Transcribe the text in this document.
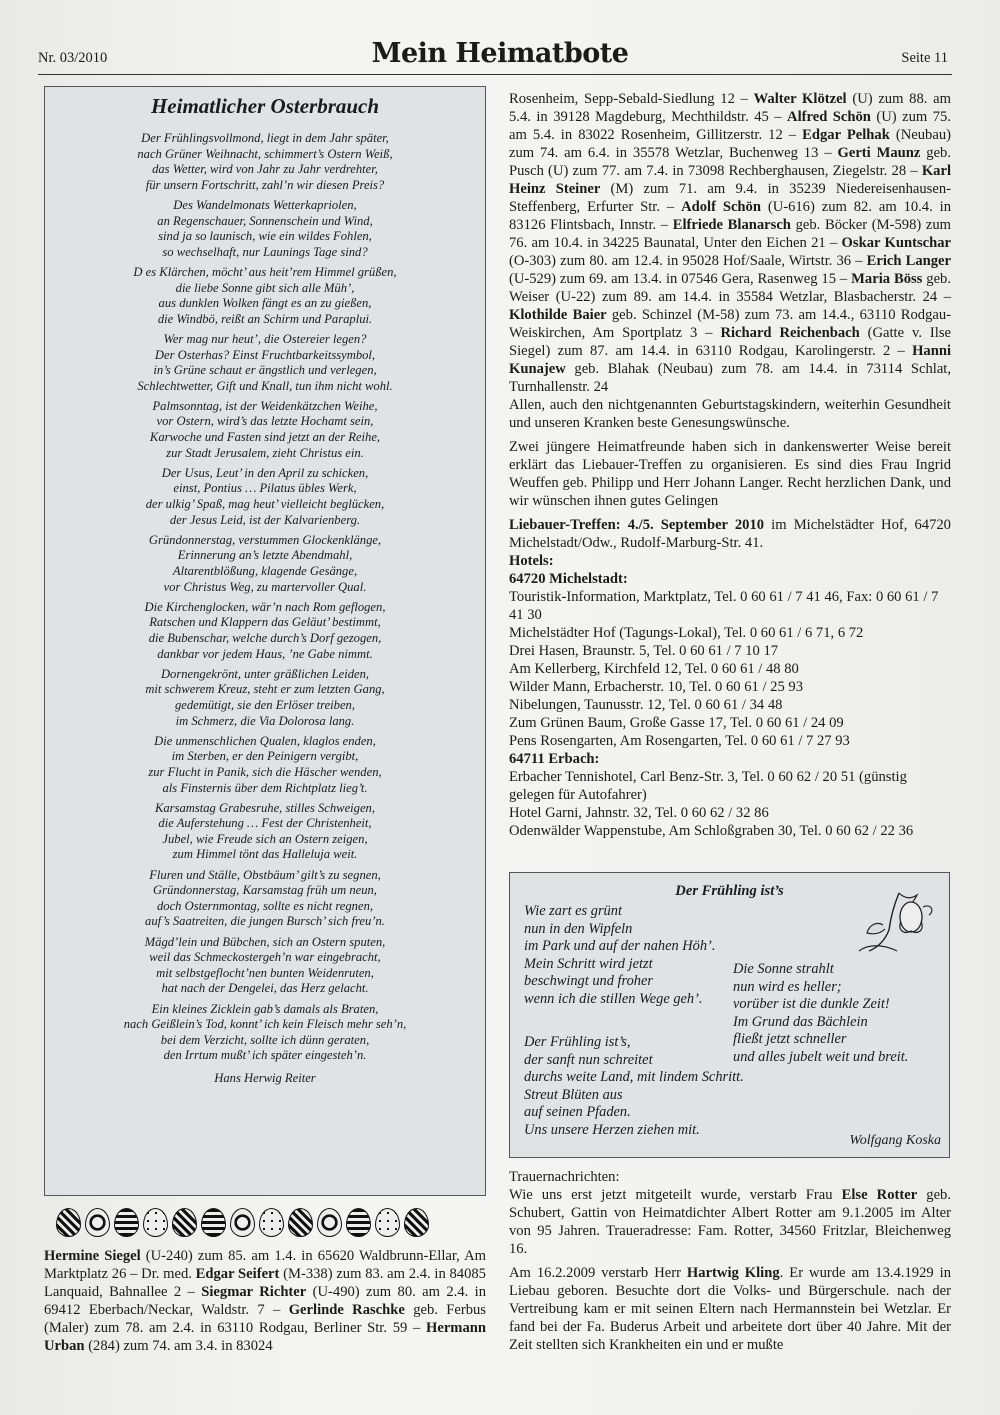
Nr. 03/2010	Mein Heimatbote	Seite 11
Heimatlicher Osterbrauch
Der Frühlingsvollmond, liegt in dem Jahr später,
nach Grüner Weihnacht, schimmert’s Ostern Weiß,
das Wetter, wird von Jahr zu Jahr verdrehter,
für unsern Fortschritt, zahl’n wir diesen Preis?
Des Wandelmonats Wetterkapriolen,
an Regenschauer, Sonnenschein und Wind,
sind ja so launisch, wie ein wildes Fohlen,
so wechselhaft, nur Launings Tage sind?
D es Klärchen, möcht’ aus heit’rem Himmel grüßen,
die liebe Sonne gibt sich alle Müh’,
aus dunklen Wolken fängt es an zu gießen,
die Windbö, reißt an Schirm und Paraplui.
Wer mag nur heut’, die Ostereier legen?
Der Osterhas? Einst Fruchtbarkeitssymbol,
in’s Grüne schaut er ängstlich und verlegen,
Schlechtwetter, Gift und Knall, tun ihm nicht wohl.
Palmsonntag, ist der Weidenkätzchen Weihe,
vor Ostern, wird’s das letzte Hochamt sein,
Karwoche und Fasten sind jetzt an der Reihe,
zur Stadt Jerusalem, zieht Christus ein.
Der Usus, Leut’ in den April zu schicken,
einst, Pontius … Pilatus übles Werk,
der ulkig’ Spaß, mag heut’ vielleicht beglücken,
der Jesus Leid, ist der Kalvarienberg.
Gründonnerstag, verstummen Glockenklänge,
Erinnerung an’s letzte Abendmahl,
Altarentblößung, klagende Gesänge,
vor Christus Weg, zu martervoller Qual.
Die Kirchenglocken, wär’n nach Rom geflogen,
Ratschen und Klappern das Geläut’ bestimmt,
die Bubenschar, welche durch’s Dorf gezogen,
dankbar vor jedem Haus, ’ne Gabe nimmt.
Dornengekrönt, unter gräßlichen Leiden,
mit schwerem Kreuz, steht er zum letzten Gang,
gedemütigt, sie den Erlöser treiben,
im Schmerz, die Via Dolorosa lang.
Die unmenschlichen Qualen, klaglos enden,
im Sterben, er den Peinigern vergibt,
zur Flucht in Panik, sich die Häscher wenden,
als Finsternis über dem Richtplatz lieg’t.
Karsamstag Grabesruhe, stilles Schweigen,
die Auferstehung … Fest der Christenheit,
Jubel, wie Freude sich an Ostern zeigen,
zum Himmel tönt das Halleluja weit.
Fluren und Ställe, Obstbäum’ gilt’s zu segnen,
Gründonnerstag, Karsamstag früh um neun,
doch Osternmontag, sollte es nicht regnen,
auf’s Saatreiten, die jungen Bursch’ sich freu’n.
Mägd’lein und Bübchen, sich an Ostern sputen,
weil das Schmeckostergeh’n war eingebracht,
mit selbstgeflocht’nen bunten Weidenruten,
hat nach der Dengelei, das Herz gelacht.
Ein kleines Zicklein gab’s damals als Braten,
nach Geißlein’s Tod, konnt’ ich kein Fleisch mehr seh’n,
bei dem Verzicht, sollte ich dünn geraten,
den Irrtum mußt’ ich später eingesteh’n.
Hans Herwig Reiter
Hermine Siegel (U-240) zum 85. am 1.4. in 65620 Waldbrunn-Ellar, Am Marktplatz 26 – Dr. med. Edgar Seifert (M-338) zum 83. am 2.4. in 84085 Lanquaid, Bahnallee 2 – Siegmar Richter (U-490) zum 80. am 2.4. in 69412 Eberbach/Neckar, Waldstr. 7 – Gerlinde Raschke geb. Ferbus (Maler) zum 78. am 2.4. in 63110 Rodgau, Berliner Str. 59 – Hermann Urban (284) zum 74. am 3.4. in 83024

Rosenheim, Sepp-Sebald-Siedlung 12 – Walter Klötzel (U) zum 88. am 5.4. in 39128 Magdeburg, Mechthildstr. 45 – Alfred Schön (U) zum 75. am 5.4. in 83022 Rosenheim, Gillitzerstr. 12 – Edgar Pelhak (Neubau) zum 74. am 6.4. in 35578 Wetzlar, Buchenweg 13 – Gerti Maunz geb. Pusch (U) zum 77. am 7.4. in 73098 Rechberghausen, Ziegelstr. 28 – Karl Heinz Steiner (M) zum 71. am 9.4. in 35239 Niedereisenhausen-Steffenberg, Erfurter Str. – Adolf Schön (U-616) zum 82. am 10.4. in 83126 Flintsbach, Innstr. – Elfriede Blanarsch geb. Böcker (M-598) zum 76. am 10.4. in 34225 Baunatal, Unter den Eichen 21 – Oskar Kuntschar (O-303) zum 80. am 12.4. in 95028 Hof/Saale, Wirtstr. 36 – Erich Langer (U-529) zum 69. am 13.4. in 07546 Gera, Rasenweg 15 – Maria Böss geb. Weiser (U-22) zum 89. am 14.4. in 35584 Wetzlar, Blasbacherstr. 24 – Klothilde Baier geb. Schinzel (M-58) zum 73. am 14.4., 63110 Rodgau-Weiskirchen, Am Sportplatz 3 – Richard Reichenbach (Gatte v. Ilse Siegel) zum 87. am 14.4. in 63110 Rodgau, Karolingerstr. 2 – Hanni Kunajew geb. Blahak (Neubau) zum 78. am 14.4. in 73114 Schlat, Turnhallenstr. 24

Allen, auch den nichtgenannten Geburtstagskindern, weiterhin Gesundheit und unseren Kranken beste Genesungswünsche.

Zwei jüngere Heimatfreunde haben sich in dankenswerter Weise bereit erklärt das Liebauer-Treffen zu organisieren. Es sind dies Frau Ingrid Weuffen geb. Philipp und Herr Johann Langer. Recht herzlichen Dank, und wir wünschen ihnen gutes Gelingen

Liebauer-Treffen: 4./5. September 2010 im Michelstädter Hof, 64720 Michelstadt/Odw., Rudolf-Marburg-Str. 41.

Hotels:
64720 Michelstadt:
Touristik-Information, Marktplatz, Tel. 0 60 61 / 7 41 46, Fax: 0 60 61 / 7 41 30
Michelstädter Hof (Tagungs-Lokal), Tel. 0 60 61 / 6 71, 6 72
Drei Hasen, Braunstr. 5, Tel. 0 60 61 / 7 10 17
Am Kellerberg, Kirchfeld 12, Tel. 0 60 61 / 48 80
Wilder Mann, Erbacherstr. 10, Tel. 0 60 61 / 25 93
Nibelungen, Taunusstr. 12, Tel. 0 60 61 / 34 48
Zum Grünen Baum, Große Gasse 17, Tel. 0 60 61 / 24 09
Pens Rosengarten, Am Rosengarten, Tel. 0 60 61 / 7 27 93
64711 Erbach:
Erbacher Tennishotel, Carl Benz-Str. 3, Tel. 0 60 62 / 20 51 (günstig gelegen für Autofahrer)
Hotel Garni, Jahnstr. 32, Tel. 0 60 62 / 32 86
Odenwälder Wappenstube, Am Schloßgraben 30, Tel. 0 60 62 / 22 36
Der Frühling ist’s
Wie zart es grünt
nun in den Wipfeln
im Park und auf der nahen Höh’.
Mein Schritt wird jetzt
beschwingt und froher
wenn ich die stillen Wege geh’.
Die Sonne strahlt
nun wird es heller;
vorüber ist die dunkle Zeit!
Im Grund das Bächlein
fließt jetzt schneller
und alles jubelt weit und breit.
Der Frühling ist’s,
der sanft nun schreitet
durchs weite Land, mit lindem Schritt.
Streut Blüten aus
auf seinen Pfaden.
Uns unsere Herzen ziehen mit.
Wolfgang Koska
Trauernachrichten:

Wie uns erst jetzt mitgeteilt wurde, verstarb Frau Else Rotter geb. Schubert, Gattin von Heimatdichter Albert Rotter am 9.1.2005 im Alter von 95 Jahren. Traueradresse: Fam. Rotter, 34560 Fritzlar, Bleichenweg 16.

Am 16.2.2009 verstarb Herr Hartwig Kling. Er wurde am 13.4.1929 in Liebau geboren. Besuchte dort die Volks- und Bürgerschule. nach der Vertreibung kam er mit seinen Eltern nach Hermannstein bei Wetzlar. Er fand bei der Fa. Buderus Arbeit und arbeitete dort über 40 Jahre. Mit der Zeit stellten sich Krankheiten ein und er mußte
